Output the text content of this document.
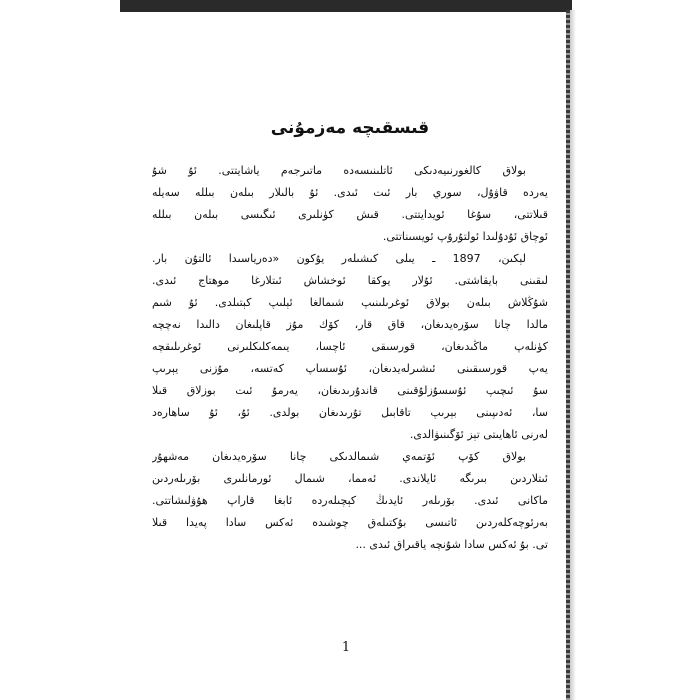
قىسقىچە مەزمۇنى
بولاق كالغورنىيەدىكى ئاتلىنىسەدە ماتىرجەم ياشايتتى. ئۇ شۇ
يەردە قاۋۇل، سوري بار ئىت ئىدى. ئۇ بالىلار بىلەن بىللە سەيلە
قىلاتتى، سۇغا ئويدايتتى. قىش كۈنلىرى ئىگىسى بىلەن بىللە
ئوچاق ئۇدۇلىدا ئولتۇرۇپ ئويسىناتتى.
لېكىن، 1897 ـ يىلى كىشىلەر يۇكون «دەرياسىدا ئالتۇن بار.
لىقىنى بايقاشتى. ئۇلار يوكقا ئوخشاش ئىتلارغا موھتاج ئىدى.
شۇڭلاش بىلەن بولاق ئوغرىلىنىپ شىمالغا ئېلىپ كېتىلدى. ئۇ شىم
مالدا چانا سۆرەيدىغان، قاق قار، كۆك مۇز قاپلىغان دالىدا نەچچە
كۈنلەپ ماڭىدىغان، قورسىقى ئاچسا، يىمەكلىكلىرنى ئوغرىلىقچە
يەپ قورسىقىنى ئىشىرلەيدىغان، ئۇسساپ كەتسە، مۇزنى يېرىپ
سۇ ئىچىپ ئۇسسۇزلۇقىنى قاندۇرىدىغان، يەرمۇ ئىت بوزلاق قىلا
سا، ئەدىپىنى بېرىپ تاقابىل تۇرىدىغان بولدى. ئۇ، ئۇ ساھارەد
لەرنى ئاھايىتى تېز ئۆگىنىۋالدى.
بولاق كۆپ ئۆتمەي شىمالدىكى چانا سۆرەيدىغان مەشھۇر
ئىتلاردىن بىرىگە ئايلاندى. ئەمما، شىمال ئورمانلىرى بۆرىلەردىن
ماكانى ئىدى. بۆرىلەر ئايدىڭ كېچىلەردە ئابغا قاراپ ھۇۋلىشاتتى.
بەرئوچەكلەردىن ئاتىسى بۇكتىلەق چوشىدە ئەكس سادا پەيدا قىلا
تى. بۇ ئەكس سادا شۇنچە ياقىراق ئىدى ...
1
